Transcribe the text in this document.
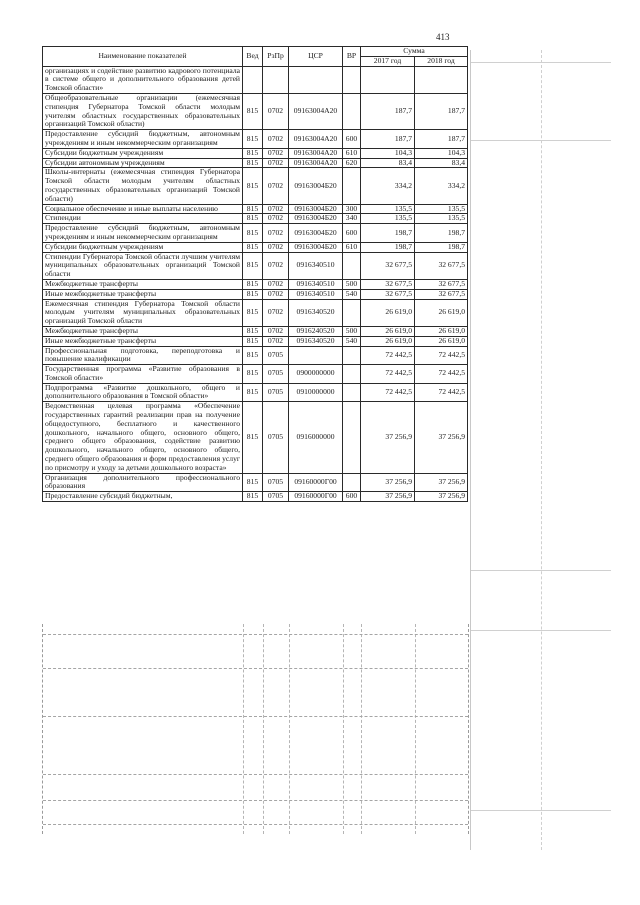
413
Наименование показателей	Вед	РзПр	ЦСР	ВР	Сумма	
					2017 год	2018 год
организациях и содействие развитию кадрового потенциала в системе общего и дополнительного образования детей Томской области»						
Общеобразовательные организации (ежемесячная стипендия Губернатора Томской области молодым учителям областных государственных образовательных организаций Томской области)	815	0702	09163004А20		187,7	187,7
Предоставление субсидий бюджетным, автономным учреждениям и иным некоммерческим организациям	815	0702	09163004А20	600	187,7	187,7
Субсидии бюджетным учреждениям	815	0702	09163004А20	610	104,3	104,3
Субсидии автономным учреждениям	815	0702	09163004А20	620	83,4	83,4
Школы-интернаты (ежемесячная стипендия Губернатора Томской области молодым учителям областных государственных образовательных организаций Томской области)	815	0702	09163004Б20		334,2	334,2
Социальное обеспечение и иные выплаты населению	815	0702	09163004Б20	300	135,5	135,5
Стипендии	815	0702	09163004Б20	340	135,5	135,5
Предоставление субсидий бюджетным, автономным учреждениям и иным некоммерческим организациям	815	0702	09163004Б20	600	198,7	198,7
Субсидии бюджетным учреждениям	815	0702	09163004Б20	610	198,7	198,7
Стипендии Губернатора Томской области лучшим учителям муниципальных образовательных организаций Томской области	815	0702	0916340510		32 677,5	32 677,5
Межбюджетные трансферты	815	0702	0916340510	500	32 677,5	32 677,5
Иные межбюджетные трансферты	815	0702	0916340510	540	32 677,5	32 677,5
Ежемесячная стипендия Губернатора Томской области молодым учителям муниципальных образовательных организаций Томской области	815	0702	0916340520		26 619,0	26 619,0
Межбюджетные трансферты	815	0702	0916240520	500	26 619,0	26 619,0
Иные межбюджетные трансферты	815	0702	0916340520	540	26 619,0	26 619,0
Профессиональная подготовка, переподготовка и повышение квалификации	815	0705			72 442,5	72 442,5
Государственная программа «Развитие образования в Томской области»	815	0705	0900000000		72 442,5	72 442,5
Подпрограмма «Развитие дошкольного, общего и дополнительного образования в Томской области»	815	0705	0910000000		72 442,5	72 442,5
Ведомственная целевая программа «Обеспечение государственных гарантий реализации прав на получение общедоступного, бесплатного и качественного дошкольного, начального общего, основного общего, среднего общего образования, содействие развитию дошкольного, начального общего, основного общего, среднего общего образования и форм предоставления услуг по присмотру и уходу за детьми дошкольного возраста»	815	0705	0916000000		37 256,9	37 256,9
Организация дополнительного профессионального образования	815	0705	09160000Г00		37 256,9	37 256,9
Предоставление субсидий бюджетным,	815	0705	09160000Г00	600	37 256,9	37 256,9
